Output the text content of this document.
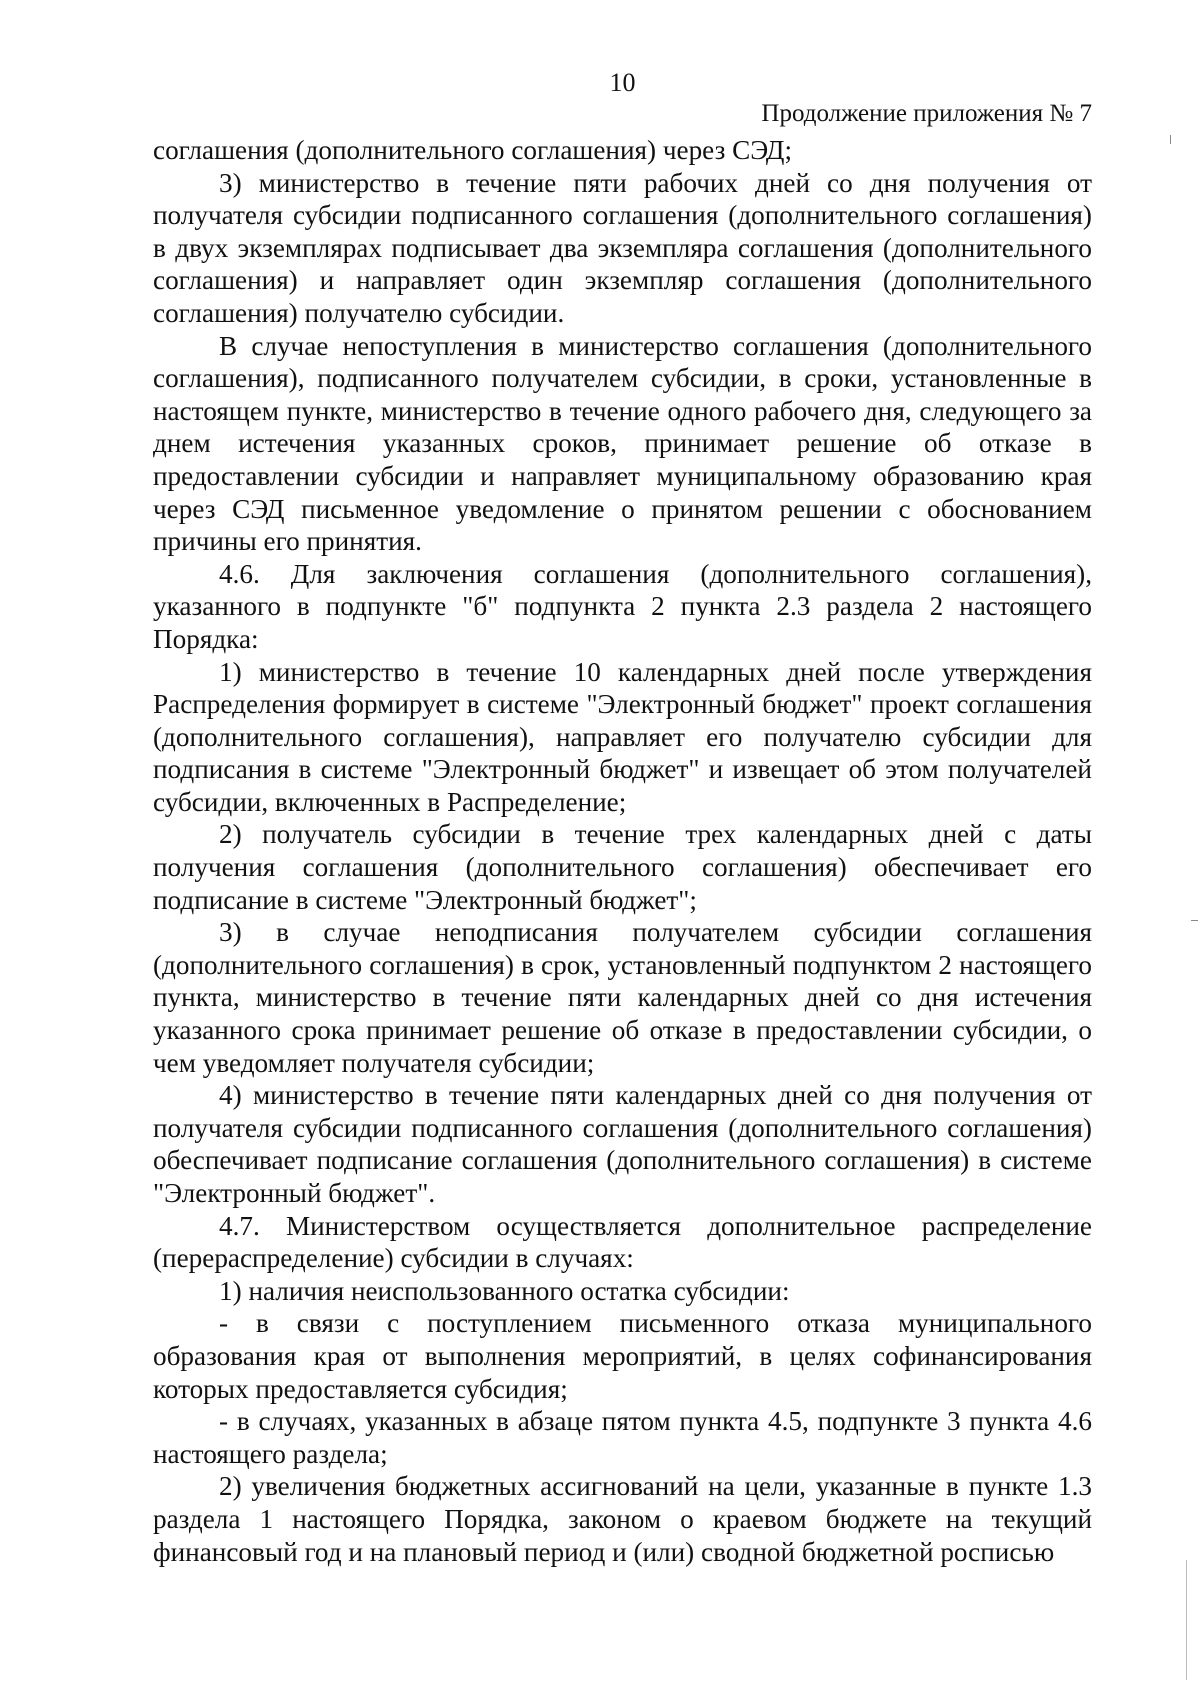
10
Продолжение приложения № 7

соглашения (дополнительного соглашения) через СЭД;

3) министерство в течение пяти рабочих дней со дня получения от получателя субсидии подписанного соглашения (дополнительного соглашения) в двух экземплярах подписывает два экземпляра соглашения (дополнительного соглашения) и направляет один экземпляр соглашения (дополнительного соглашения) получателю субсидии.

В случае непоступления в министерство соглашения (дополнительного соглашения), подписанного получателем субсидии, в сроки, установленные в настоящем пункте, министерство в течение одного рабочего дня, следующего за днем истечения указанных сроков, принимает решение об отказе в предоставлении субсидии и направляет муниципальному образованию края через СЭД письменное уведомление о принятом решении с обоснованием причины его принятия.

4.6. Для заключения соглашения (дополнительного соглашения), указанного в подпункте "б" подпункта 2 пункта 2.3 раздела 2 настоящего Порядка:

1) министерство в течение 10 календарных дней после утверждения Распределения формирует в системе "Электронный бюджет" проект соглашения (дополнительного соглашения), направляет его получателю субсидии для подписания в системе "Электронный бюджет" и извещает об этом получателей субсидии, включенных в Распределение;

2) получатель субсидии в течение трех календарных дней с даты получения соглашения (дополнительного соглашения) обеспечивает его подписание в системе "Электронный бюджет";

3) в случае неподписания получателем субсидии соглашения (дополнительного соглашения) в срок, установленный подпунктом 2 настоящего пункта, министерство в течение пяти календарных дней со дня истечения указанного срока принимает решение об отказе в предоставлении субсидии, о чем уведомляет получателя субсидии;

4) министерство в течение пяти календарных дней со дня получения от получателя субсидии подписанного соглашения (дополнительного соглашения) обеспечивает подписание соглашения (дополнительного соглашения) в системе "Электронный бюджет".

4.7. Министерством осуществляется дополнительное распределение (перераспределение) субсидии в случаях:

1) наличия неиспользованного остатка субсидии:

- в связи с поступлением письменного отказа муниципального образования края от выполнения мероприятий, в целях софинансирования которых предоставляется субсидия;

- в случаях, указанных в абзаце пятом пункта 4.5, подпункте 3 пункта 4.6 настоящего раздела;

2) увеличения бюджетных ассигнований на цели, указанные в пункте 1.3 раздела 1 настоящего Порядка, законом о краевом бюджете на текущий финансовый год и на плановый период и (или) сводной бюджетной росписью
